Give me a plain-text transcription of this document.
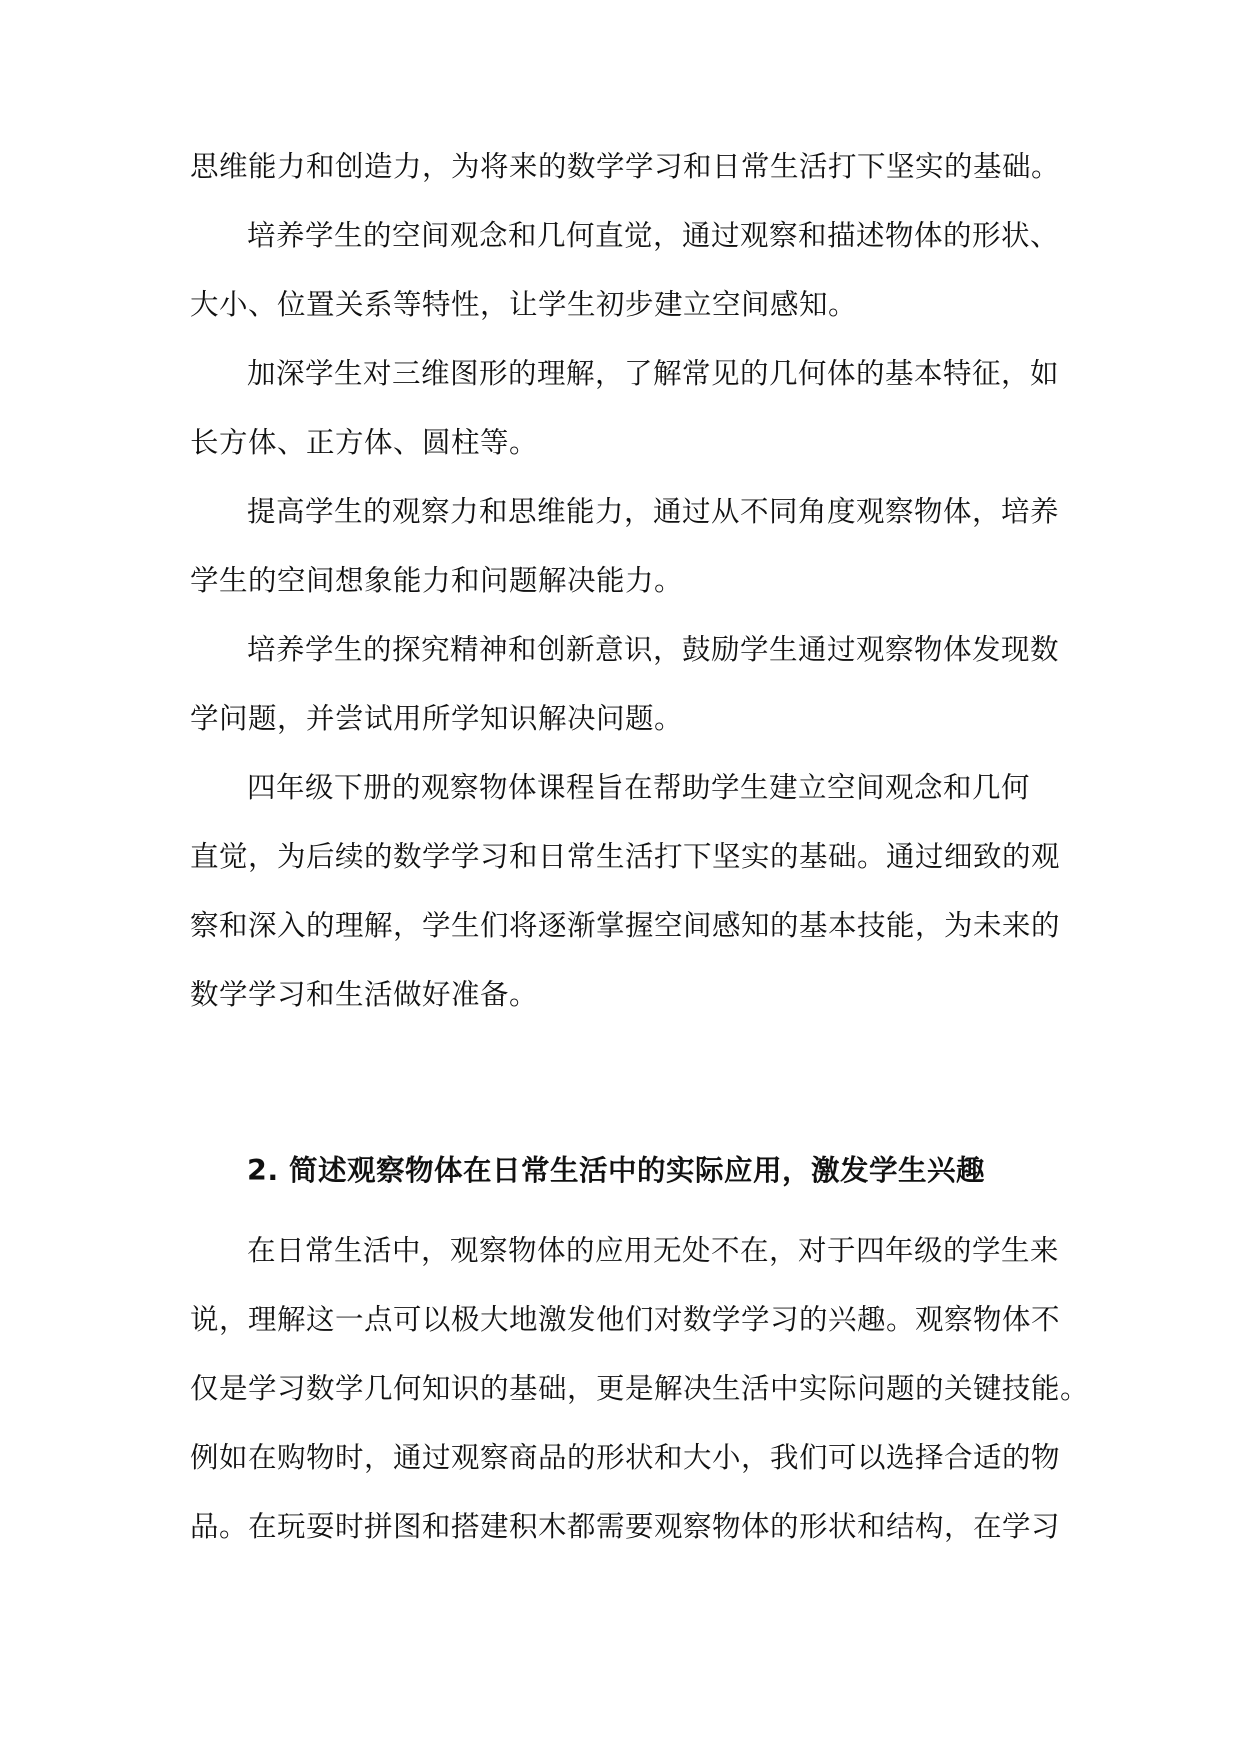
思维能力和创造力，为将来的数学学习和日常生活打下坚实的基础。
培养学生的空间观念和几何直觉，通过观察和描述物体的形状、
大小、位置关系等特性，让学生初步建立空间感知。
加深学生对三维图形的理解，了解常见的几何体的基本特征，如
长方体、正方体、圆柱等。
提高学生的观察力和思维能力，通过从不同角度观察物体，培养
学生的空间想象能力和问题解决能力。
培养学生的探究精神和创新意识，鼓励学生通过观察物体发现数
学问题，并尝试用所学知识解决问题。
四年级下册的观察物体课程旨在帮助学生建立空间观念和几何
直觉，为后续的数学学习和日常生活打下坚实的基础。通过细致的观
察和深入的理解，学生们将逐渐掌握空间感知的基本技能，为未来的
数学学习和生活做好准备。
2. 简述观察物体在日常生活中的实际应用，激发学生兴趣
在日常生活中，观察物体的应用无处不在，对于四年级的学生来
说，理解这一点可以极大地激发他们对数学学习的兴趣。观察物体不
仅是学习数学几何知识的基础，更是解决生活中实际问题的关键技能。
例如在购物时，通过观察商品的形状和大小，我们可以选择合适的物
品。在玩耍时拼图和搭建积木都需要观察物体的形状和结构，在学习
